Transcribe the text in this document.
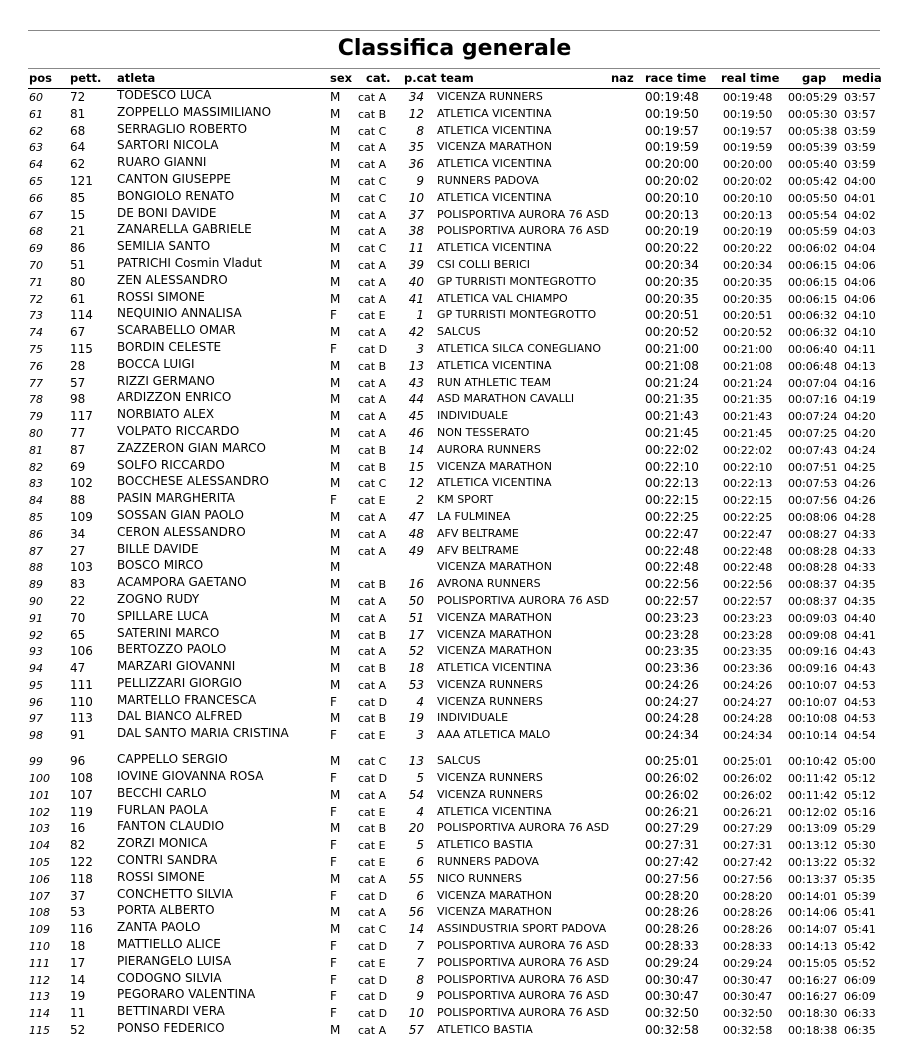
Classifica generale
pos pett. atleta	sex cat. p.cat team	naz race time real time gap media
60 72	TODESCO LUCA	M cat A	34 VICENZA RUNNERS	00:19:48 00:19:48 00:05:29 03:57
61 81	ZOPPELLO MASSIMILIANO	M cat B	12 ATLETICA VICENTINA	00:19:50 00:19:50 00:05:30 03:57
62 68	SERRAGLIO ROBERTO	M cat C	8 ATLETICA VICENTINA	00:19:57 00:19:57 00:05:38 03:59
63 64	SARTORI NICOLA	M cat A	35 VICENZA MARATHON	00:19:59 00:19:59 00:05:39 03:59
64 62	RUARO GIANNI	M cat A	36 ATLETICA VICENTINA	00:20:00 00:20:00 00:05:40 03:59
65 121 CANTON GIUSEPPE	M cat C	9 RUNNERS PADOVA	00:20:02 00:20:02 00:05:42 04:00
66 85	BONGIOLO RENATO	M cat C	10 ATLETICA VICENTINA	00:20:10 00:20:10 00:05:50 04:01
67 15	DE BONI DAVIDE	M cat A	37 POLISPORTIVA AURORA 76 ASD	00:20:13 00:20:13 00:05:54 04:02
68 21	ZANARELLA GABRIELE	M cat A	38 POLISPORTIVA AURORA 76 ASD	00:20:19 00:20:19 00:05:59 04:03
69 86	SEMILIA SANTO	M cat C	11 ATLETICA VICENTINA	00:20:22 00:20:22 00:06:02 04:04
70 51	PATRICHI Cosmin Vladut	M cat A	39 CSI COLLI BERICI	00:20:34 00:20:34 00:06:15 04:06
71 80	ZEN ALESSANDRO	M cat A	40 GP TURRISTI MONTEGROTTO	00:20:35 00:20:35 00:06:15 04:06
72 61	ROSSI SIMONE	M cat A	41 ATLETICA VAL CHIAMPO	00:20:35 00:20:35 00:06:15 04:06
73 114 NEQUINIO ANNALISA	F cat E	1 GP TURRISTI MONTEGROTTO	00:20:51 00:20:51 00:06:32 04:10
74 67	SCARABELLO OMAR	M cat A	42 SALCUS	00:20:52 00:20:52 00:06:32 04:10
75 115 BORDIN CELESTE	F cat D	3 ATLETICA SILCA CONEGLIANO	00:21:00 00:21:00 00:06:40 04:11
76 28	BOCCA LUIGI	M cat B	13 ATLETICA VICENTINA	00:21:08 00:21:08 00:06:48 04:13
77 57	RIZZI GERMANO	M cat A	43 RUN ATHLETIC TEAM	00:21:24 00:21:24 00:07:04 04:16
78 98	ARDIZZON ENRICO	M cat A	44 ASD MARATHON CAVALLI	00:21:35 00:21:35 00:07:16 04:19
79 117 NORBIATO ALEX	M cat A	45 INDIVIDUALE	00:21:43 00:21:43 00:07:24 04:20
80 77	VOLPATO RICCARDO	M cat A	46 NON TESSERATO	00:21:45 00:21:45 00:07:25 04:20
81 87	ZAZZERON GIAN MARCO	M cat B	14 AURORA RUNNERS	00:22:02 00:22:02 00:07:43 04:24
82 69	SOLFO RICCARDO	M cat B	15 VICENZA MARATHON	00:22:10 00:22:10 00:07:51 04:25
83 102 BOCCHESE ALESSANDRO	M cat C	12 ATLETICA VICENTINA	00:22:13 00:22:13 00:07:53 04:26
84 88	PASIN MARGHERITA	F cat E	2 KM SPORT	00:22:15 00:22:15 00:07:56 04:26
85 109 SOSSAN GIAN PAOLO	M cat A	47 LA FULMINEA	00:22:25 00:22:25 00:08:06 04:28
86 34	CERON ALESSANDRO	M cat A	48 AFV BELTRAME	00:22:47 00:22:47 00:08:27 04:33
87 27	BILLE DAVIDE	M cat A	49 AFV BELTRAME	00:22:48 00:22:48 00:08:28 04:33
88 103 BOSCO MIRCO	M	VICENZA MARATHON	00:22:48 00:22:48 00:08:28 04:33
89 83	ACAMPORA GAETANO	M cat B	16 AVRONA RUNNERS	00:22:56 00:22:56 00:08:37 04:35
90 22	ZOGNO RUDY	M cat A	50 POLISPORTIVA AURORA 76 ASD	00:22:57 00:22:57 00:08:37 04:35
91 70	SPILLARE LUCA	M cat A	51 VICENZA MARATHON	00:23:23 00:23:23 00:09:03 04:40
92 65	SATERINI MARCO	M cat B	17 VICENZA MARATHON	00:23:28 00:23:28 00:09:08 04:41
93 106 BERTOZZO PAOLO	M cat A	52 VICENZA MARATHON	00:23:35 00:23:35 00:09:16 04:43
94 47	MARZARI GIOVANNI	M cat B	18 ATLETICA VICENTINA	00:23:36 00:23:36 00:09:16 04:43
95 111 PELLIZZARI GIORGIO	M cat A	53 VICENZA RUNNERS	00:24:26 00:24:26 00:10:07 04:53
96 110 MARTELLO FRANCESCA	F cat D	4 VICENZA RUNNERS	00:24:27 00:24:27 00:10:07 04:53
97 113 DAL BIANCO ALFRED	M cat B	19 INDIVIDUALE	00:24:28 00:24:28 00:10:08 04:53
98 91	DAL SANTO MARIA CRISTINA	F cat E	3 AAA ATLETICA MALO	00:24:34 00:24:34 00:10:14 04:54
99 96	CAPPELLO SERGIO	M cat C	13 SALCUS	00:25:01 00:25:01 00:10:42 05:00
100 108 IOVINE GIOVANNA ROSA	F cat D	5 VICENZA RUNNERS	00:26:02 00:26:02 00:11:42 05:12
101 107 BECCHI CARLO	M cat A	54 VICENZA RUNNERS	00:26:02 00:26:02 00:11:42 05:12
102 119 FURLAN PAOLA	F cat E	4 ATLETICA VICENTINA	00:26:21 00:26:21 00:12:02 05:16
103 16	FANTON CLAUDIO	M cat B	20 POLISPORTIVA AURORA 76 ASD	00:27:29 00:27:29 00:13:09 05:29
104 82	ZORZI MONICA	F cat E	5 ATLETICO BASTIA	00:27:31 00:27:31 00:13:12 05:30
105 122 CONTRI SANDRA	F cat E	6 RUNNERS PADOVA	00:27:42 00:27:42 00:13:22 05:32
106 118 ROSSI SIMONE	M cat A	55 NICO RUNNERS	00:27:56 00:27:56 00:13:37 05:35
107 37	CONCHETTO SILVIA	F cat D	6 VICENZA MARATHON	00:28:20 00:28:20 00:14:01 05:39
108 53	PORTA ALBERTO	M cat A	56 VICENZA MARATHON	00:28:26 00:28:26 00:14:06 05:41
109 116 ZANTA PAOLO	M cat C	14 ASSINDUSTRIA SPORT PADOVA	00:28:26 00:28:26 00:14:07 05:41
110 18	MATTIELLO ALICE	F cat D	7 POLISPORTIVA AURORA 76 ASD	00:28:33 00:28:33 00:14:13 05:42
111 17	PIERANGELO LUISA	F cat E	7 POLISPORTIVA AURORA 76 ASD	00:29:24 00:29:24 00:15:05 05:52
112 14	CODOGNO SILVIA	F cat D	8 POLISPORTIVA AURORA 76 ASD	00:30:47 00:30:47 00:16:27 06:09
113 19	PEGORARO VALENTINA	F cat D	9 POLISPORTIVA AURORA 76 ASD	00:30:47 00:30:47 00:16:27 06:09
114 11	BETTINARDI VERA	F cat D	10 POLISPORTIVA AURORA 76 ASD	00:32:50 00:32:50 00:18:30 06:33
115 52	PONSO FEDERICO	M cat A	57 ATLETICO BASTIA	00:32:58 00:32:58 00:18:38 06:35
